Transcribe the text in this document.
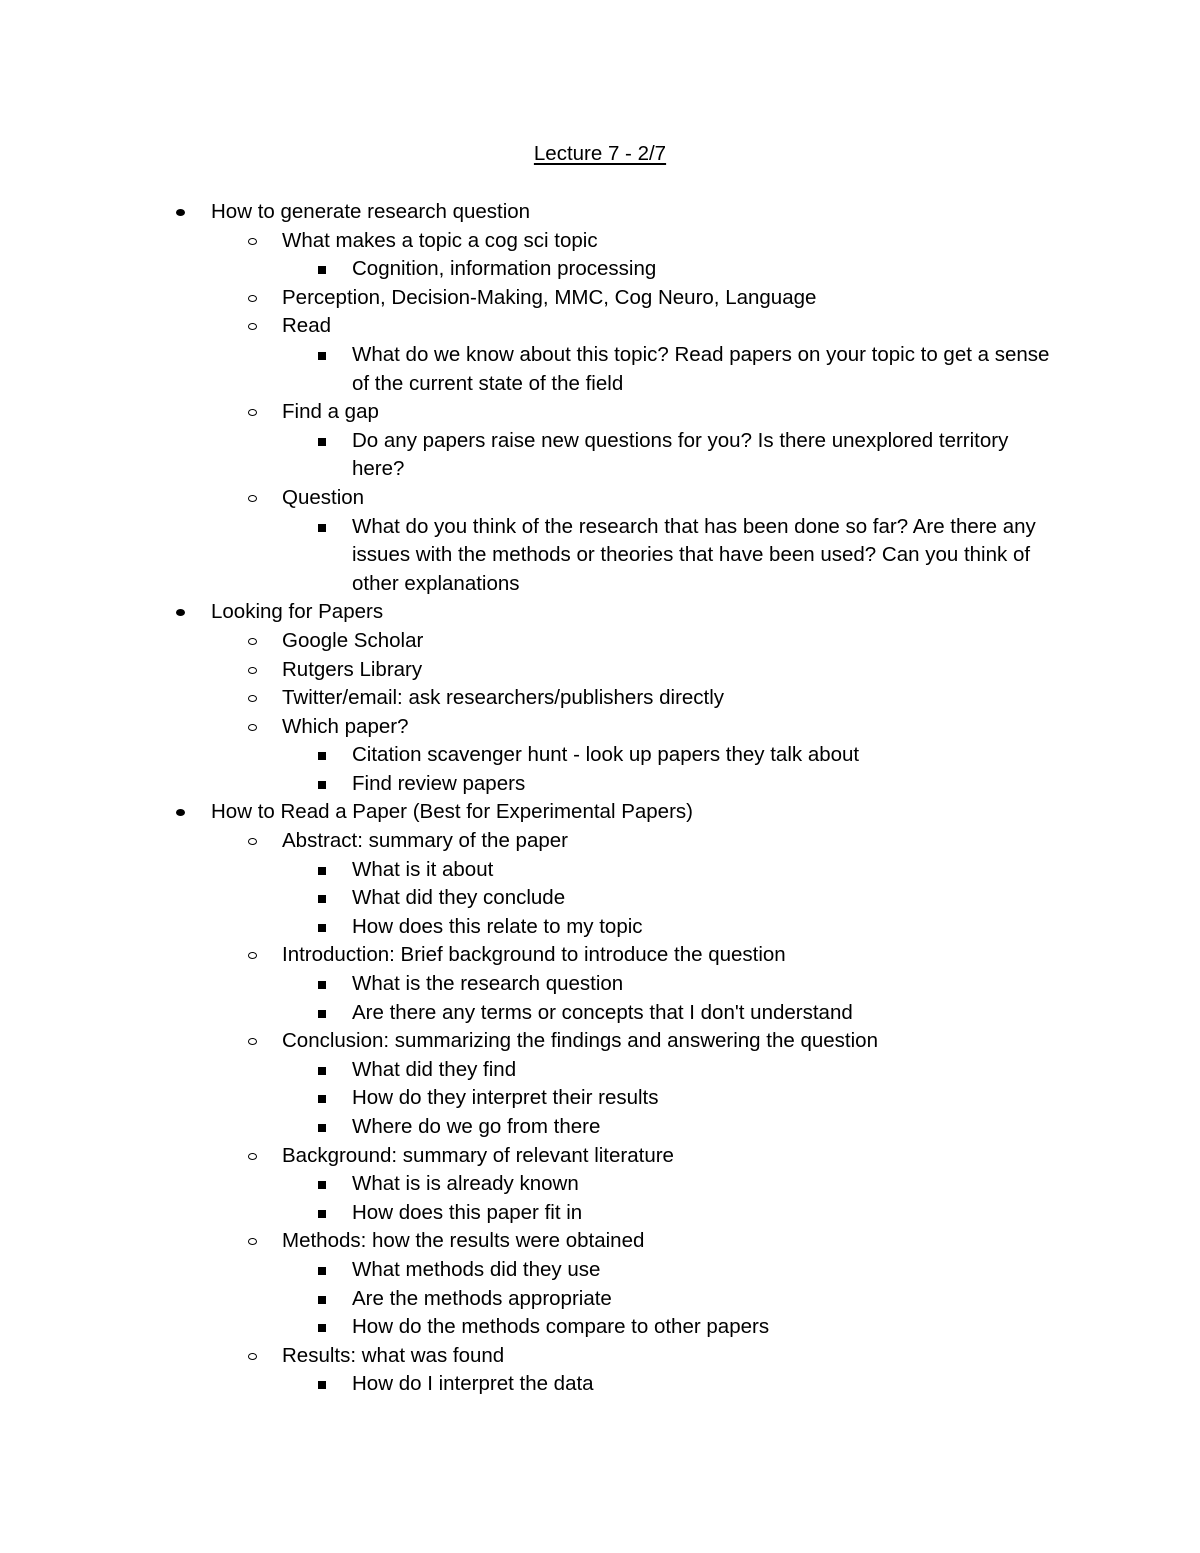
Lecture 7 - 2/7
How to generate research question
What makes a topic a cog sci topic
Cognition, information processing
Perception, Decision-Making, MMC, Cog Neuro, Language
Read
What do we know about this topic? Read papers on your topic to get a sense of the current state of the field
Find a gap
Do any papers raise new questions for you? Is there unexplored territory here?
Question
What do you think of the research that has been done so far? Are there any issues with the methods or theories that have been used? Can you think of other explanations
Looking for Papers
Google Scholar
Rutgers Library
Twitter/email: ask researchers/publishers directly
Which paper?
Citation scavenger hunt - look up papers they talk about
Find review papers
How to Read a Paper (Best for Experimental Papers)
Abstract: summary of the paper
What is it about
What did they conclude
How does this relate to my topic
Introduction: Brief background to introduce the question
What is the research question
Are there any terms or concepts that I don't understand
Conclusion: summarizing the findings and answering the question
What did they find
How do they interpret their results
Where do we go from there
Background: summary of relevant literature
What is is already known
How does this paper fit in
Methods: how the results were obtained
What methods did they use
Are the methods appropriate
How do the methods compare to other papers
Results: what was found
How do I interpret the data
